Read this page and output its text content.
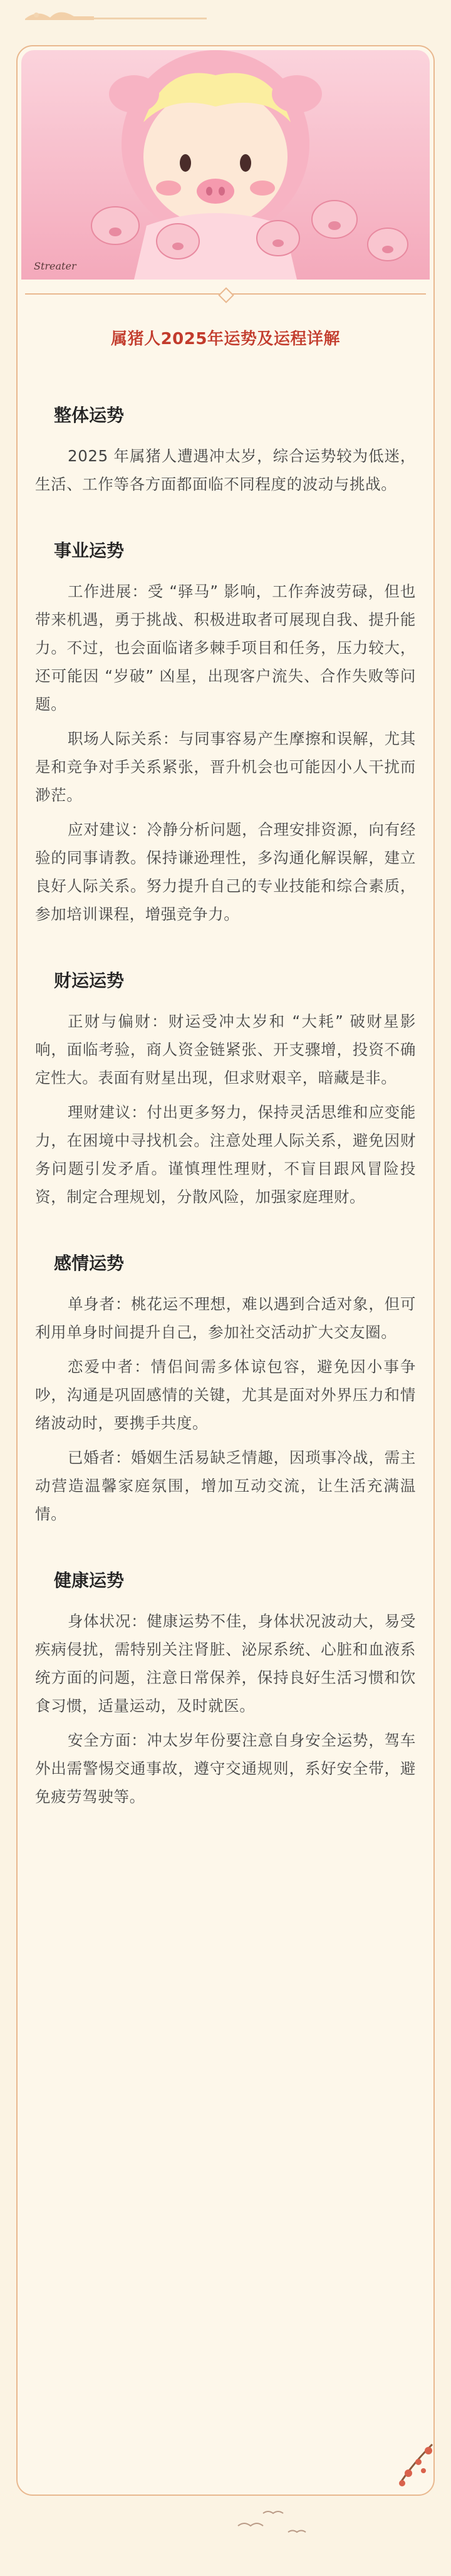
Streater
属猪人2025年运势及运程详解
整体运势

2025 年属猪人遭遇冲太岁，综合运势较为低迷，生活、工作等各方面都面临不同程度的波动与挑战。

事业运势

工作进展：受 “驿马” 影响，工作奔波劳碌，但也带来机遇，勇于挑战、积极进取者可展现自我、提升能力。不过，也会面临诸多棘手项目和任务，压力较大，还可能因 “岁破” 凶星，出现客户流失、合作失败等问题。

职场人际关系：与同事容易产生摩擦和误解，尤其是和竞争对手关系紧张，晋升机会也可能因小人干扰而渺茫。

应对建议：冷静分析问题，合理安排资源，向有经验的同事请教。保持谦逊理性，多沟通化解误解，建立良好人际关系。努力提升自己的专业技能和综合素质，参加培训课程，增强竞争力。

财运运势

正财与偏财：财运受冲太岁和 “大耗” 破财星影响，面临考验，商人资金链紧张、开支骤增，投资不确定性大。表面有财星出现，但求财艰辛，暗藏是非。

理财建议：付出更多努力，保持灵活思维和应变能力，在困境中寻找机会。注意处理人际关系，避免因财务问题引发矛盾。谨慎理性理财，不盲目跟风冒险投资，制定合理规划，分散风险，加强家庭理财。

感情运势

单身者：桃花运不理想，难以遇到合适对象，但可利用单身时间提升自己，参加社交活动扩大交友圈。

恋爱中者：情侣间需多体谅包容，避免因小事争吵，沟通是巩固感情的关键，尤其是面对外界压力和情绪波动时，要携手共度。

已婚者：婚姻生活易缺乏情趣，因琐事冷战，需主动营造温馨家庭氛围，增加互动交流，让生活充满温情。

健康运势

身体状况：健康运势不佳，身体状况波动大，易受疾病侵扰，需特别关注肾脏、泌尿系统、心脏和血液系统方面的问题，注意日常保养，保持良好生活习惯和饮食习惯，适量运动，及时就医。

安全方面：冲太岁年份要注意自身安全运势，驾车外出需警惕交通事故，遵守交通规则，系好安全带，避免疲劳驾驶等。
